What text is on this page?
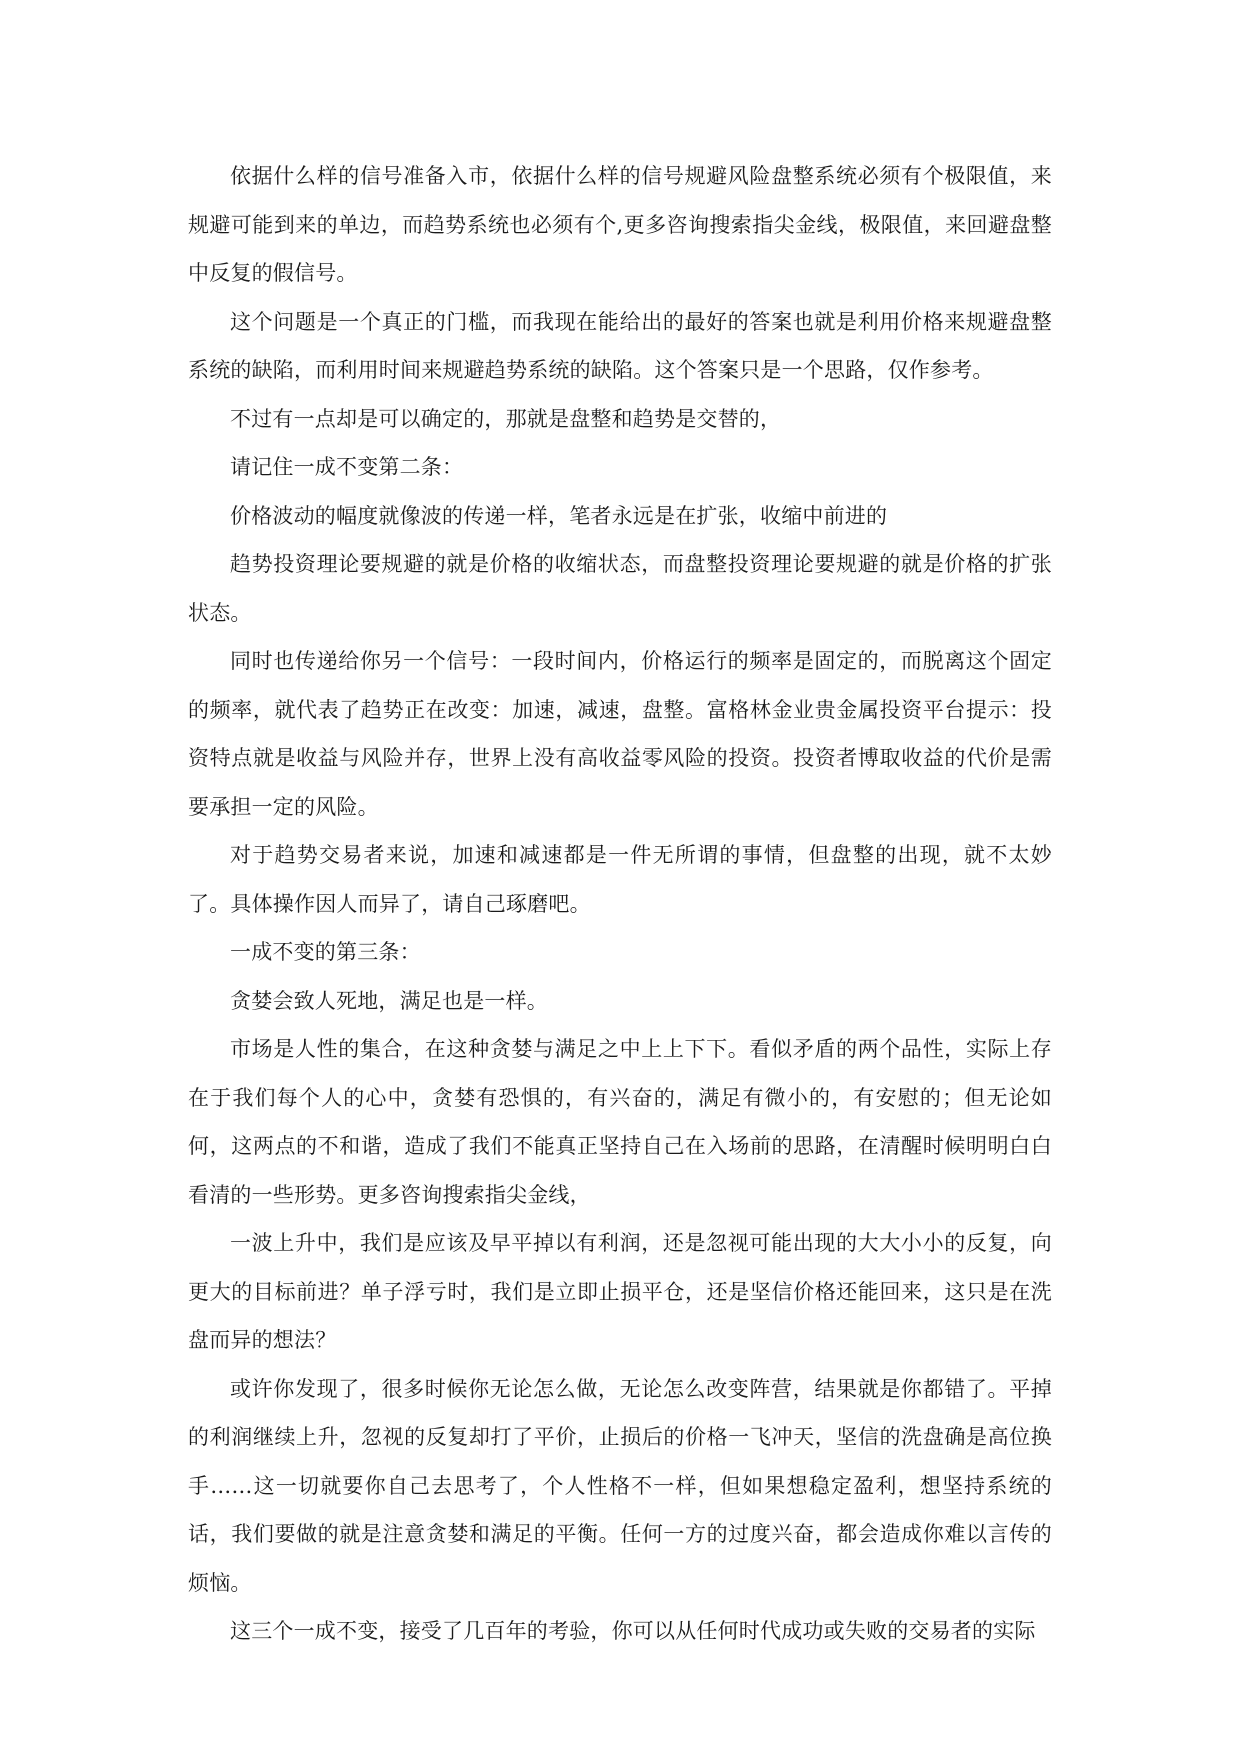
依据什么样的信号准备入市，依据什么样的信号规避风险盘整系统必须有个极限值，来规避可能到来的单边，而趋势系统也必须有个,更多咨询搜索指尖金线，极限值，来回避盘整中反复的假信号。

这个问题是一个真正的门槛，而我现在能给出的最好的答案也就是利用价格来规避盘整系统的缺陷，而利用时间来规避趋势系统的缺陷。这个答案只是一个思路，仅作参考。

不过有一点却是可以确定的，那就是盘整和趋势是交替的，

请记住一成不变第二条：

价格波动的幅度就像波的传递一样，笔者永远是在扩张，收缩中前进的

趋势投资理论要规避的就是价格的收缩状态，而盘整投资理论要规避的就是价格的扩张状态。

同时也传递给你另一个信号：一段时间内，价格运行的频率是固定的，而脱离这个固定的频率，就代表了趋势正在改变：加速，减速，盘整。富格林金业贵金属投资平台提示：投资特点就是收益与风险并存，世界上没有高收益零风险的投资。投资者博取收益的代价是需要承担一定的风险。

对于趋势交易者来说，加速和减速都是一件无所谓的事情，但盘整的出现，就不太妙了。具体操作因人而异了，请自己琢磨吧。

一成不变的第三条：

贪婪会致人死地，满足也是一样。

市场是人性的集合，在这种贪婪与满足之中上上下下。看似矛盾的两个品性，实际上存在于我们每个人的心中，贪婪有恐惧的，有兴奋的，满足有微小的，有安慰的；但无论如何，这两点的不和谐，造成了我们不能真正坚持自己在入场前的思路，在清醒时候明明白白看清的一些形势。更多咨询搜索指尖金线，

一波上升中，我们是应该及早平掉以有利润，还是忽视可能出现的大大小小的反复，向更大的目标前进？单子浮亏时，我们是立即止损平仓，还是坚信价格还能回来，这只是在洗盘而异的想法？

或许你发现了，很多时候你无论怎么做，无论怎么改变阵营，结果就是你都错了。平掉的利润继续上升，忽视的反复却打了平价，止损后的价格一飞冲天，坚信的洗盘确是高位换手……这一切就要你自己去思考了，个人性格不一样，但如果想稳定盈利，想坚持系统的话，我们要做的就是注意贪婪和满足的平衡。任何一方的过度兴奋，都会造成你难以言传的烦恼。

这三个一成不变，接受了几百年的考验，你可以从任何时代成功或失败的交易者的实际
